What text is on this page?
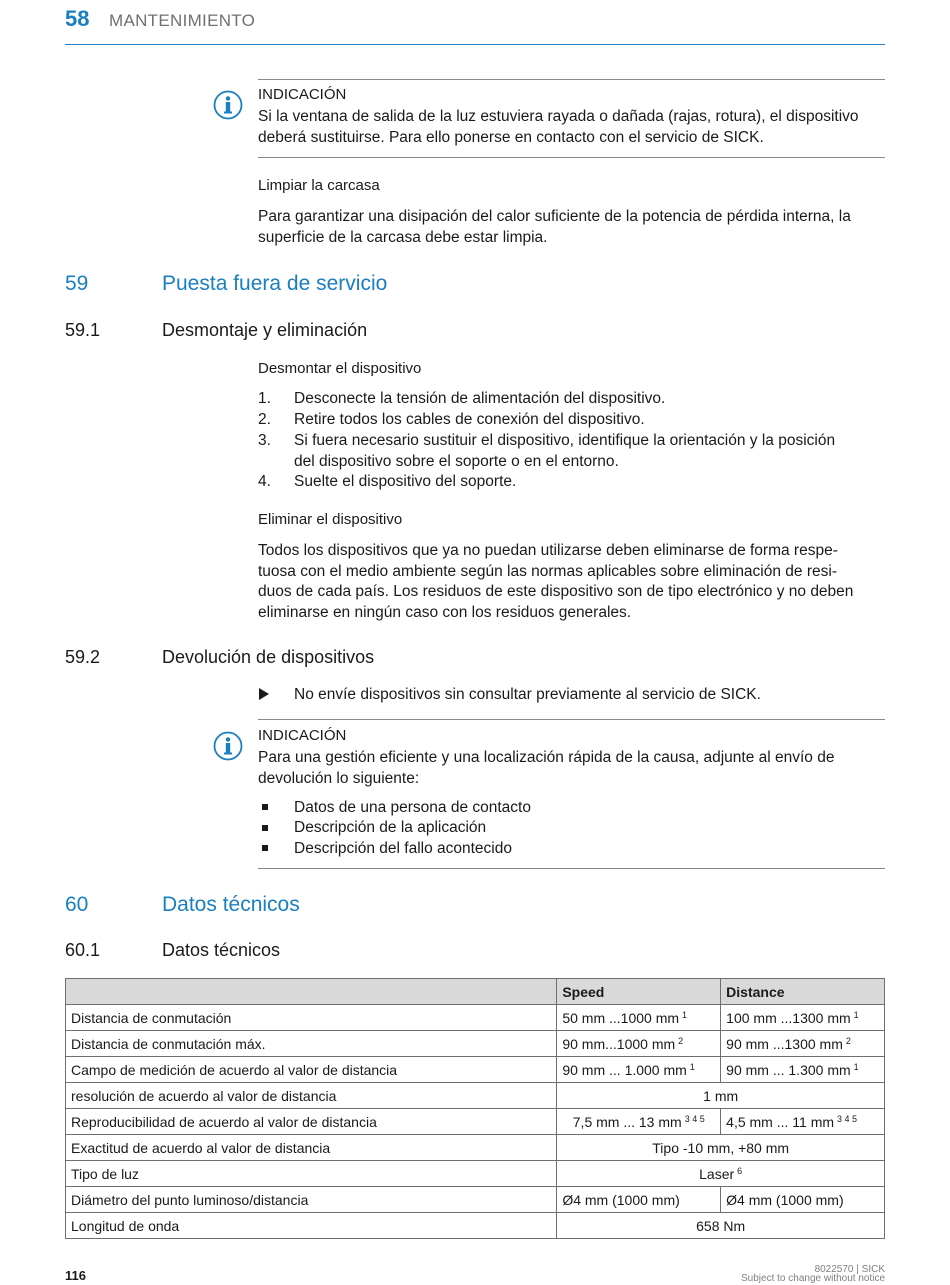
58 MANTENIMIENTO
INDICACIÓN
Si la ventana de salida de la luz estuviera rayada o dañada (rajas, rotura), el dispositivo
deberá sustituirse. Para ello ponerse en contacto con el servicio de SICK.
Limpiar la carcasa
Para garantizar una disipación del calor suficiente de la potencia de pérdida interna, la
superficie de la carcasa debe estar limpia.
59	Puesta fuera de servicio
59.1	Desmontaje y eliminación
Desmontar el dispositivo
1. Desconecte la tensión de alimentación del dispositivo.
2. Retire todos los cables de conexión del dispositivo.
3. Si fuera necesario sustituir el dispositivo, identifique la orientación y la posición
del dispositivo sobre el soporte o en el entorno.
4. Suelte el dispositivo del soporte.
Eliminar el dispositivo
Todos los dispositivos que ya no puedan utilizarse deben eliminarse de forma respe-
tuosa con el medio ambiente según las normas aplicables sobre eliminación de resi-
duos de cada país. Los residuos de este dispositivo son de tipo electrónico y no deben
eliminarse en ningún caso con los residuos generales.
59.2	Devolución de dispositivos
No envíe dispositivos sin consultar previamente al servicio de SICK.
INDICACIÓN
Para una gestión eficiente y una localización rápida de la causa, adjunte al envío de
devolución lo siguiente:
Datos de una persona de contacto
Descripción de la aplicación
Descripción del fallo acontecido
60	Datos técnicos
60.1	Datos técnicos
	Speed	Distance
Distancia de conmutación	50 mm ...1000 mm $^1$	100 mm ...1300 mm $^1$
Distancia de conmutación máx.	90 mm...1000 mm $^2$	90 mm ...1300 mm $^2$
Campo de medición de acuerdo al valor de distancia	90 mm ... 1.000 mm $^1$	90 mm ... 1.300 mm $^1$
resolución de acuerdo al valor de distancia	1 mm	
Reproducibilidad de acuerdo al valor de distancia	7,5 mm ... 13 mm $^{3 4 5}$	4,5 mm ... 11 mm $^{3 4 5}$
Exactitud de acuerdo al valor de distancia	Tipo -10 mm, +80 mm	
Tipo de luz	Laser $^6$
Diámetro del punto luminoso/distancia	Ø4 mm (1000 mm)	Ø4 mm (1000 mm)
Longitud de onda	658 Nm	
116	8022570 | SICK
Subject to change without notice
